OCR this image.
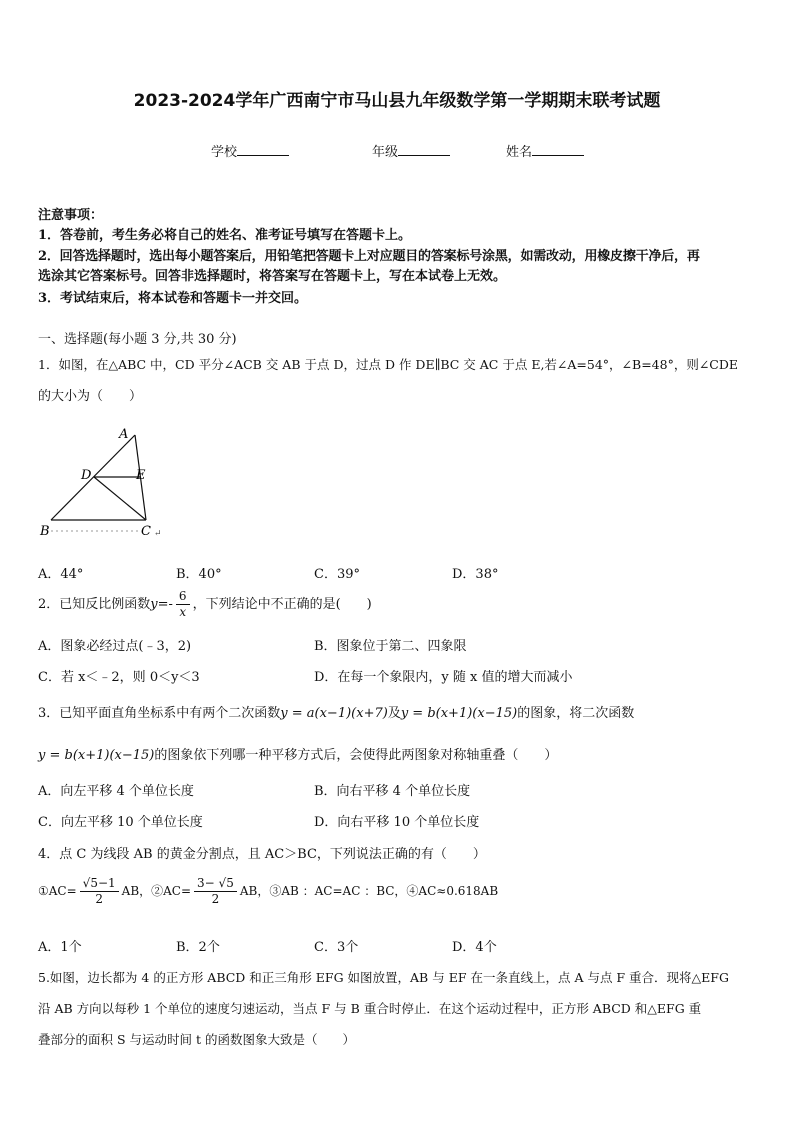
2023-2024学年广西南宁市马山县九年级数学第一学期期末联考试题
学校	年级	姓名
注意事项：
1．答卷前，考生务必将自己的姓名、准考证号填写在答题卡上。
2．回答选择题时，选出每小题答案后，用铅笔把答题卡上对应题目的答案标号涂黑，如需改动，用橡皮擦干净后，再
选涂其它答案标号。回答非选择题时，将答案写在答题卡上，写在本试卷上无效。
3．考试结束后，将本试卷和答题卡一并交回。
一、选择题(每小题 3 分,共 30 分)
1．如图，在△ABC 中，CD 平分∠ACB 交 AB 于点 D，过点 D 作 DE∥BC 交 AC 于点 E,若∠A=54°，∠B=48°，则∠CDE
的大小为（　　）
A
D	E
B	C ↵
A．44°	B．40°	C．39°	D．38°
2．已知反比例函数$y=- \frac{6}{x}$ ，下列结论中不正确的是(　　)
A．图象必经过点(﹣3，2)	B．图象位于第二、四象限
C．若 x＜﹣2，则 0＜y＜3	D．在每一个象限内，y 随 x 值的增大而减小
3．已知平面直角坐标系中有两个二次函数y = a(x−1)(x+7)及y = b(x+1)(x−15)的图象，将二次函数
y = b(x+1)(x−15)的图象依下列哪一种平移方式后，会使得此两图象对称轴重叠（　　）
A．向左平移 4 个单位长度	B．向右平移 4 个单位长度
C．向左平移 10 个单位长度	D．向右平移 10 个单位长度
4．点 C 为线段 AB 的黄金分割点，且 AC＞BC，下列说法正确的有（　　）
①AC= $\frac{√5-1}{2}$ AB，②AC= $\frac{3- √5}{2}$ AB，③AB ：AC=AC ：BC，④AC≈0.618AB
A．1个	B．2个	C．3个	D．4个
5.如图，边长都为 4 的正方形 ABCD 和正三角形 EFG 如图放置，AB 与 EF 在一条直线上，点 A 与点 F 重合．现将△EFG
沿 AB 方向以每秒 1 个单位的速度匀速运动，当点 F 与 B 重合时停止．在这个运动过程中，正方形 ABCD 和△EFG 重
叠部分的面积 S 与运动时间 t 的函数图象大致是（　　）
